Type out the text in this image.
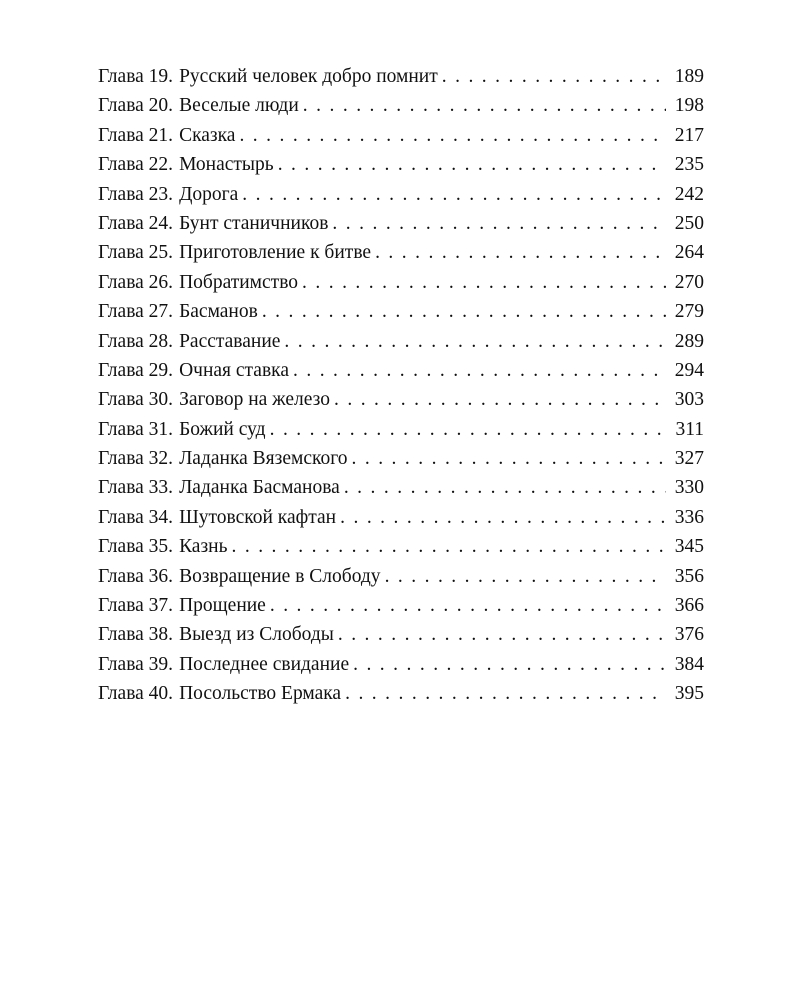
Глава 19. Русский человек добро помнит . . .	189
Глава 20. Веселые люди . . .	198
Глава 21. Сказка . . .	217
Глава 22. Монастырь . . .	235
Глава 23. Дорога . . .	242
Глава 24. Бунт станичников . . .	250
Глава 25. Приготовление к битве . . .	264
Глава 26. Побратимство . . .	270
Глава 27. Басманов . . .	279
Глава 28. Расставание . . .	289
Глава 29. Очная ставка . . .	294
Глава 30. Заговор на железо . . .	303
Глава 31. Божий суд . . .	311
Глава 32. Ладанка Вяземского . . .	327
Глава 33. Ладанка Басманова . . .	330
Глава 34. Шутовской кафтан . . .	336
Глава 35. Казнь . . .	345
Глава 36. Возвращение в Слободу . . .	356
Глава 37. Прощение . . .	366
Глава 38. Выезд из Слободы . . .	376
Глава 39. Последнее свидание . . .	384
Глава 40. Посольство Ермака . . .	395
